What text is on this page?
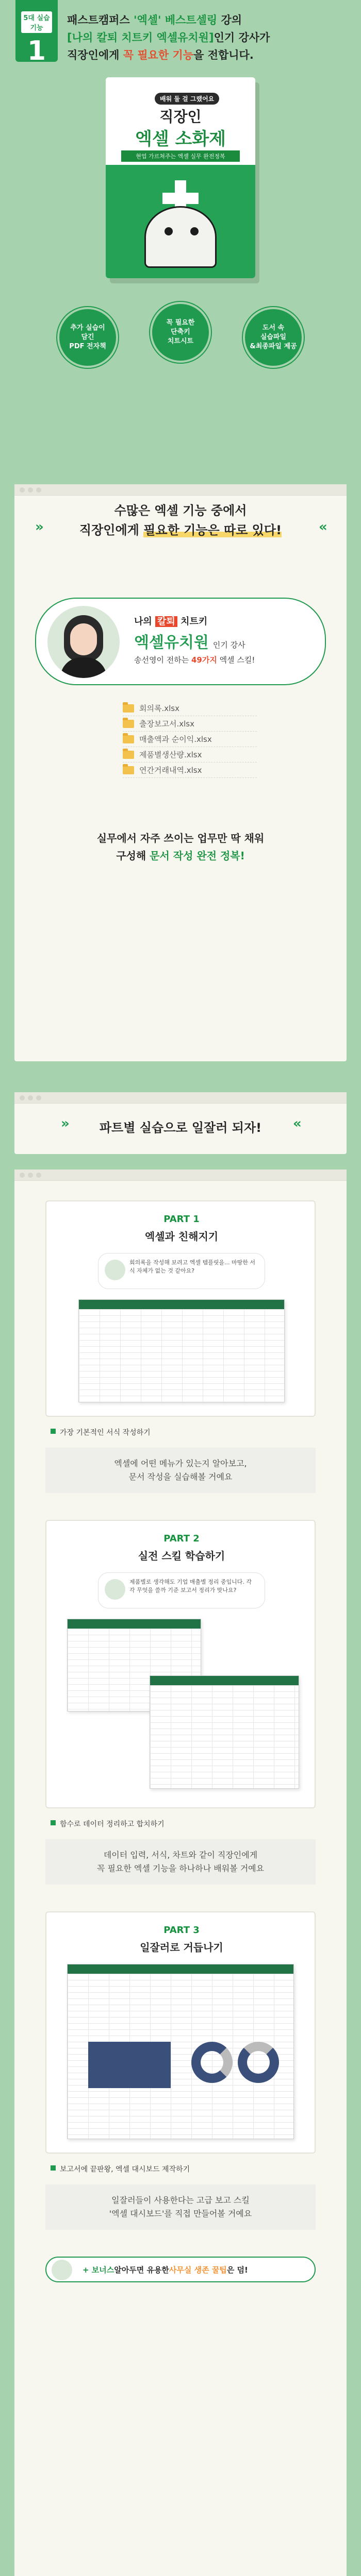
5대 실습 기능
1
패스트캠퍼스 '엑셀' 베스트셀링 강의
[나의 칼퇴 치트키 엑셀유치원]인기 강사가
직장인에게 꼭 필요한 기능을 전합니다.
배워 둘 걸 그랬어요
직장인
엑셀 소화제
현업 가르쳐주는 엑셀 실무 완전정복
추가 실습이
담긴
PDF 전자책
꼭 필요한
단축키
치트시트
도서 속
실습파일
&최종파일 제공
»	«
수많은 엑셀 기능 중에서
직장인에게 필요한 기능은 따로 있다!
나의 칼퇴 치트키
엑셀유치원 인기 강사
송선영이 전하는 49가지 엑셀 스킬!
회의록.xlsx
출장보고서.xlsx
매출액과 순이익.xlsx
제품별생산량.xlsx
연간거래내역.xlsx
실무에서 자주 쓰이는 업무만 딱 채워
구성해 문서 작성 완전 정복!
»	«
파트별 실습으로 일잘러 되자!
PART 1
엑셀과 친해지기
회의록을 작성해 보려고 엑셀 템플릿을... 마땅한 서식 자체가 없는 것 같아요?
가장 기본적인 서식 작성하기
엑셀에 어떤 메뉴가 있는지 알아보고,
문서 작성을 실습해볼 거예요
PART 2
실전 스킬 학습하기
제품별로 생각해도 기업 매출별 정리 중입니다. 각각 무엇을 쓸까 기준 보고서 정리가 맞나요?
함수로 데이터 정리하고 합치하기
데이터 입력, 서식, 차트와 같이 직장인에게
꼭 필요한 엑셀 기능을 하나하나 배워볼 거예요
PART 3
일잘러로 거듭나기
보고서에 끝판왕, 엑셀 대시보드 제작하기
일잘러들이 사용한다는 고급 보고 스킬
'엑셀 대시보드'를 직접 만들어볼 거예요
+ 보너스 알아두면 유용한 사무실 생존 꿀팁 은 덤!
